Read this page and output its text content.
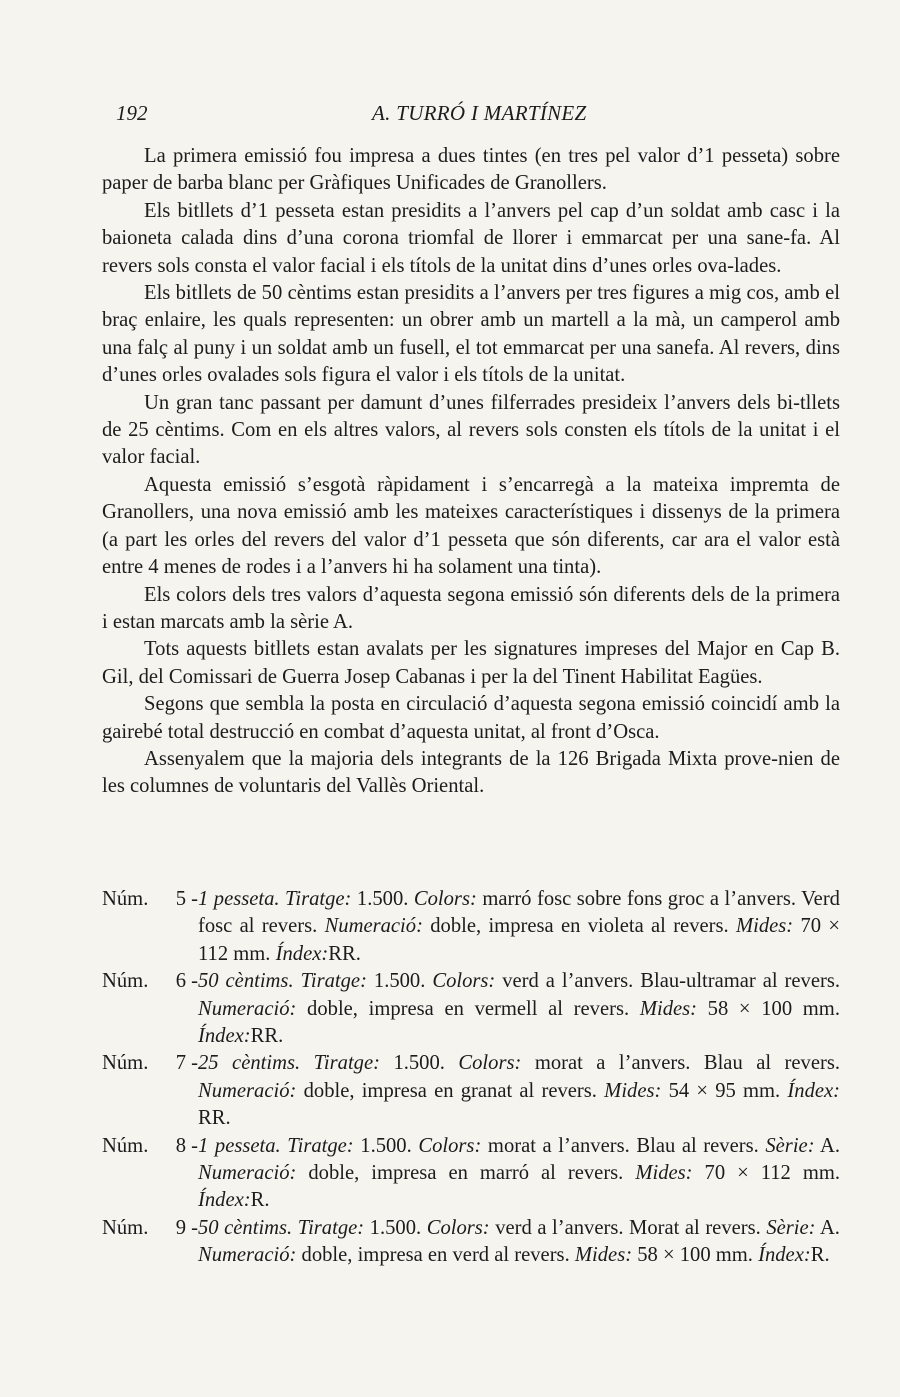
192	A. TURRÓ I MARTÍNEZ

La primera emissió fou impresa a dues tintes (en tres pel valor d’1 pesseta) sobre paper de barba blanc per Gràfiques Unificades de Granollers.

Els bitllets d’1 pesseta estan presidits a l’anvers pel cap d’un soldat amb casc i la baioneta calada dins d’una corona triomfal de llorer i emmarcat per una sane-fa. Al revers sols consta el valor facial i els títols de la unitat dins d’unes orles ova-lades.

Els bitllets de 50 cèntims estan presidits a l’anvers per tres figures a mig cos, amb el braç enlaire, les quals representen: un obrer amb un martell a la mà, un camperol amb una falç al puny i un soldat amb un fusell, el tot emmarcat per una sanefa. Al revers, dins d’unes orles ovalades sols figura el valor i els títols de la unitat.

Un gran tanc passant per damunt d’unes filferrades presideix l’anvers dels bi-tllets de 25 cèntims. Com en els altres valors, al revers sols consten els títols de la unitat i el valor facial.

Aquesta emissió s’esgotà ràpidament i s’encarregà a la mateixa impremta de Granollers, una nova emissió amb les mateixes característiques i dissenys de la primera (a part les orles del revers del valor d’1 pesseta que són diferents, car ara el valor està entre 4 menes de rodes i a l’anvers hi ha solament una tinta).

Els colors dels tres valors d’aquesta segona emissió són diferents dels de la primera i estan marcats amb la sèrie A.

Tots aquests bitllets estan avalats per les signatures impreses del Major en Cap B. Gil, del Comissari de Guerra Josep Cabanas i per la del Tinent Habilitat Eagües.

Segons que sembla la posta en circulació d’aquesta segona emissió coincidí amb la gairebé total destrucció en combat d’aquesta unitat, al front d’Osca.

Assenyalem que la majoria dels integrants de la 126 Brigada Mixta prove-nien de les columnes de voluntaris del Vallès Oriental.

Núm.	5 - 1 pesseta. Tiratge: 1.500. Colors: marró fosc sobre fons groc a l’anvers. Verd fosc al revers. Numeració: doble, impresa en violeta al revers. Mides: 70 × 112 mm. Índex:RR.
Núm.	6 - 50 cèntims. Tiratge: 1.500. Colors: verd a l’anvers. Blau-ultramar al revers. Numeració: doble, impresa en vermell al revers. Mides: 58 × 100 mm. Índex:RR.
Núm.	7 - 25 cèntims. Tiratge: 1.500. Colors: morat a l’anvers. Blau al revers. Numeració: doble, impresa en granat al revers. Mides: 54 × 95 mm. Índex: RR.
Núm.	8 - 1 pesseta. Tiratge: 1.500. Colors: morat a l’anvers. Blau al revers. Sèrie: A. Numeració: doble, impresa en marró al revers. Mides: 70 × 112 mm. Índex:R.
Núm.	9 - 50 cèntims. Tiratge: 1.500. Colors: verd a l’anvers. Morat al revers. Sèrie: A. Numeració: doble, impresa en verd al revers. Mides: 58 × 100 mm. Índex:R.
